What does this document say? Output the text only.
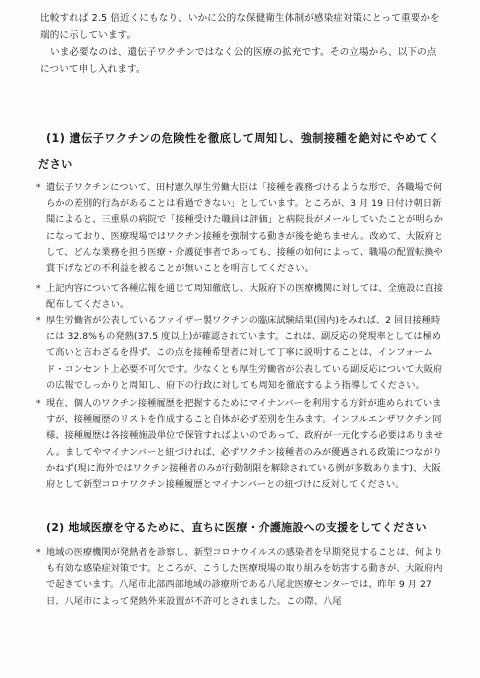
比較すれば 2.5 倍近くにもなり、いかに公的な保健衛生体制が感染症対策にとって重要かを端的に示しています。
いま必要なのは、遺伝子ワクチンではなく公的医療の拡充です。その立場から、以下の点について申し入れます。
(1) 遺伝子ワクチンの危険性を徹底して周知し、強制接種を絶対にやめてく
ださい
* 遺伝子ワクチンについて、田村憲久厚生労働大臣は「接種を義務づけるような形で、各職場で何らかの差別的行為があることは看過できない」としています。ところが、3 月 19 日付け朝日新聞によると、三重県の病院で「接種受けた職員は評価」と病院長がメールしていたことが明らかになっており、医療現場ではワクチン接種を強制する動きが後を絶ちません。改めて、大阪府として、どんな業務を担う医療・介護従事者であっても、接種の如何によって、職場の配置転換や賞下げなどの不利益を被ることが無いことを明言してください。
* 上記内容について各種広報を通じて周知徹底し、大阪府下の医療機関に対しては、全施設に直接配布してください。
* 厚生労働省が公表しているファイザー製ワクチンの臨床試験結果(国内)をみれば、2 回目接種時には 32.8%もの発熱(37.5 度以上)が確認されています。これは、副反応の発現率としては極めて高いと言わざるを得ず、この点を接種希望者に対して丁寧に説明することは、インフォームド・コンセント上必要不可欠です。少なくとも厚生労働省が公表している副反応について大阪府の広報でしっかりと周知し、府下の行政に対しても周知を徹底するよう指導してください。
* 現在、個人のワクチン接種履歴を把握するためにマイナンバーを利用する方針が進められていますが、接種履歴のリストを作成すること自体が必ず差別を生みます。インフルエンザワクチン同様、接種履歴は各接種施設単位で保管すればよいのであって、政府が一元化する必要はありません。ましてやマイナンバーと紐づければ、必ずワクチン接種者のみが優遇される政策につながりかねず(現に海外ではワクチン接種者のみが行動制限を解除されている例が多数あります)、大阪府として新型コロナワクチン接種履歴とマイナンバーとの紐づけに反対してください。
(2) 地域医療を守るために、直ちに医療・介護施設への支援をしてください
* 地域の医療機関が発熱者を診察し、新型コロナウイルスの感染者を早期発見することは、何よりも有効な感染症対策です。ところが、こうした医療現場の取り組みを妨害する動きが、大阪府内で起きています。八尾市北部西部地域の診療所である八尾北医療センターでは、昨年 9 月 27 日、八尾市によって発熱外来設置が不許可とされました。この際、八尾
